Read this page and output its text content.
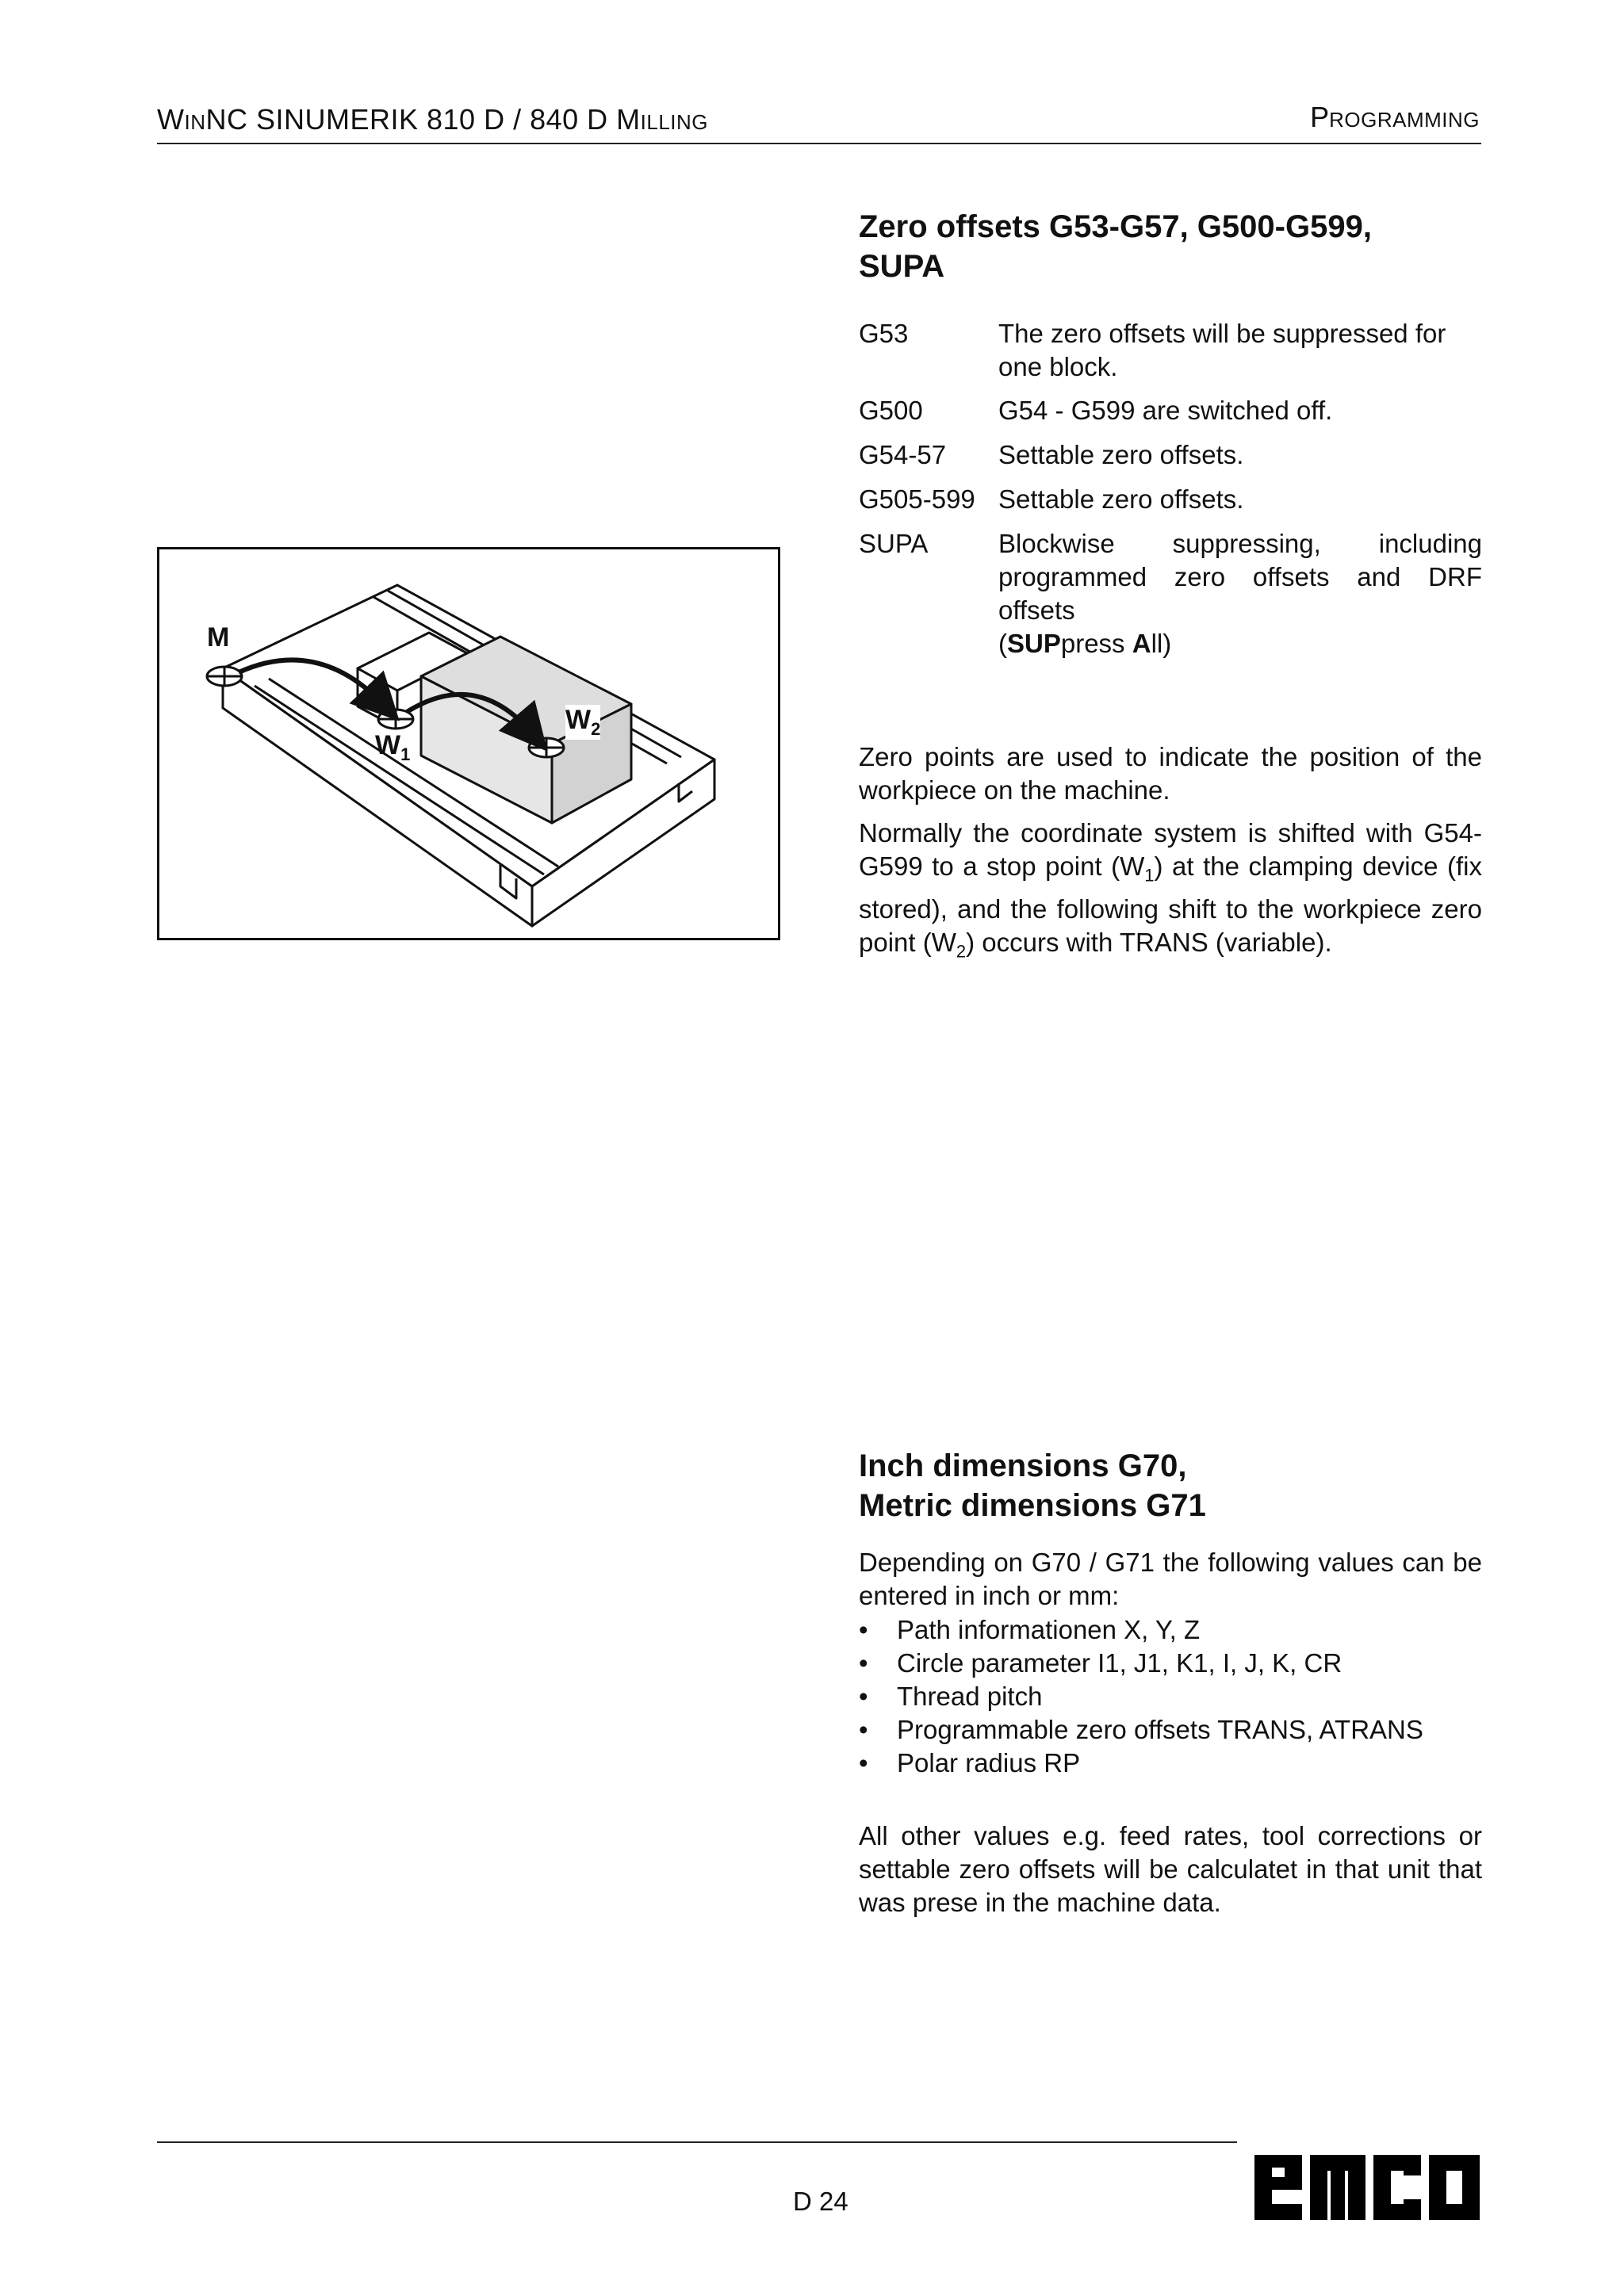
WINNC SINUMERIK 810 D / 840 D MILLING	PROGRAMMING
Zero offsets G53-G57, G500-G599,
SUPA
G53	The zero offsets will be suppressed for one block.
G500	G54 - G599 are switched off.
G54-57	Settable zero offsets.
G505-599 Settable zero offsets.
SUPA	Blockwise suppressing, including programmed zero offsets and DRF offsets
(SUPpress All)
M
$W_1$
$W_2$
Zero points are used to indicate the position of the workpiece on the machine.
Normally the coordinate system is shifted with G54-G599 to a stop point $(W_1)$ at the clamping device (fix stored), and the following shift to the workpiece zero point $(W_2)$ occurs with TRANS (variable).
Inch dimensions G70,
Metric dimensions G71
Depending on G70 / G71 the following values can be entered in inch or mm:
• Path informationen X, Y, Z
• Circle parameter I1, J1, K1, I, J, K, CR
• Thread pitch
• Programmable zero offsets TRANS, ATRANS
• Polar radius RP
All other values e.g. feed rates, tool corrections or settable zero offsets will be calculatet in that unit that was prese in the machine data.
D 24
